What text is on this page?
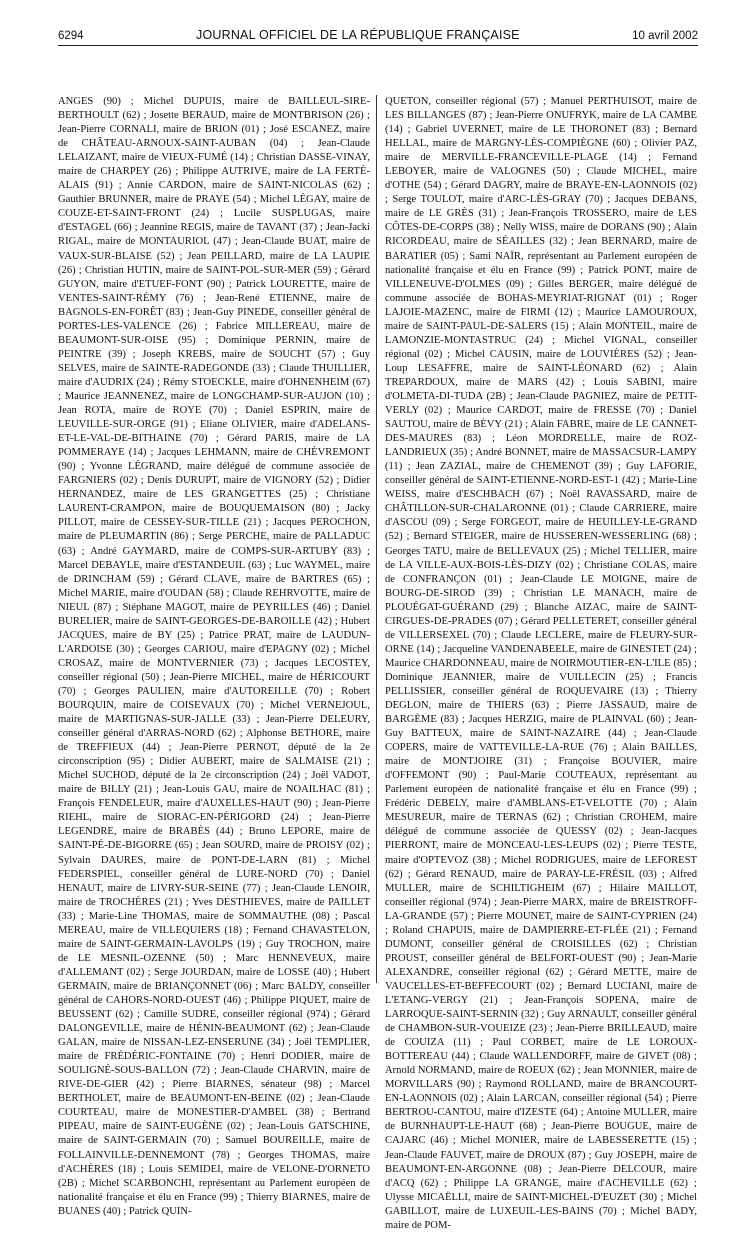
6294	JOURNAL OFFICIEL DE LA RÉPUBLIQUE FRANÇAISE	10 avril 2002

ANGES (90) ; Michel DUPUIS, maire de BAILLEUL-SIRE-BERTHOULT (62) ; Josette BERAUD, maire de MONTBRISON (26) ; Jean-Pierre CORNALI, maire de BRION (01) ; José ESCANEZ, maire de CHÂTEAU-ARNOUX-SAINT-AUBAN (04) ; Jean-Claude LELAIZANT, maire de VIEUX-FUMÉ (14) ; Christian DASSE-VINAY, maire de CHARPEY (26) ; Philippe AUTRIVE, maire de LA FERTÉ-ALAIS (91) ; Annie CARDON, maire de SAINT-NICOLAS (62) ; Gauthier BRUNNER, maire de PRAYE (54) ; Michel LÉGAY, maire de COUZE-ET-SAINT-FRONT (24) ; Lucile SUSPLUGAS, maire d'ESTAGEL (66) ; Jeannine REGIS, maire de TAVANT (37) ; Jean-Jacki RIGAL, maire de MONTAURIOL (47) ; Jean-Claude BUAT, maire de VAUX-SUR-BLAISE (52) ; Jean PEILLARD, maire de LA LAUPIE (26) ; Christian HUTIN, maire de SAINT-POL-SUR-MER (59) ; Gérard GUYON, maire d'ETUEF-FONT (90) ; Patrick LOURETTE, maire de VENTES-SAINT-RÉMY (76) ; Jean-René ETIENNE, maire de BAGNOLS-EN-FORÊT (83) ; Jean-Guy PINEDE, conseiller général de PORTES-LES-VALENCE (26) ; Fabrice MILLEREAU, maire de BEAUMONT-SUR-OISE (95) ; Dominique PERNIN, maire de PEINTRE (39) ; Joseph KREBS, maire de SOUCHT (57) ; Guy SELVES, maire de SAINTE-RADEGONDE (33) ; Claude THUILLIER, maire d'AUDRIX (24) ; Rémy STOECKLE, maire d'OHNENHEIM (67) ; Maurice JEANNENEZ, maire de LONGCHAMP-SUR-AUJON (10) ; Jean ROTA, maire de ROYE (70) ; Daniel ESPRIN, maire de LEUVILLE-SUR-ORGE (91) ; Eliane OLIVIER, maire d'ADELANS-ET-LE-VAL-DE-BITHAINE (70) ; Gérard PARIS, maire de LA POMMERAYE (14) ; Jacques LEHMANN, maire de CHÈVREMONT (90) ; Yvonne LÉGRAND, maire délégué de commune associée de FARGNIERS (02) ; Denis DURUPT, maire de VIGNORY (52) ; Didier HERNANDEZ, maire de LES GRANGETTES (25) ; Christiane LAURENT-CRAMPON, maire de BOUQUEMAISON (80) ; Jacky PILLOT, maire de CESSEY-SUR-TILLE (21) ; Jacques PEROCHON, maire de PLEUMARTIN (86) ; Serge PERCHE, maire de PALLADUC (63) ; André GAYMARD, maire de COMPS-SUR-ARTUBY (83) ; Marcel DEBAYLE, maire d'ESTANDEUIL (63) ; Luc WAYMEL, maire de DRINCHAM (59) ; Gérard CLAVE, maire de BARTRES (65) ; Michel MARIE, maire d'OUDAN (58) ; Claude REHRVOTTE, maire de NIEUL (87) ; Stéphane MAGOT, maire de PEYRILLES (46) ; Daniel BURELIER, maire de SAINT-GEORGES-DE-BAROILLE (42) ; Hubert JACQUES, maire de BY (25) ; Patrice PRAT, maire de LAUDUN-L'ARDOISE (30) ; Georges CARIOU, maire d'EPAGNY (02) ; Michel CROSAZ, maire de MONTVERNIER (73) ; Jacques LECOSTEY, conseiller régional (50) ; Jean-Pierre MICHEL, maire de HÉRICOURT (70) ; Georges PAULIEN, maire d'AUTOREILLE (70) ; Robert BOURQUIN, maire de COISEVAUX (70) ; Michel VERNEJOUL, maire de MARTIGNAS-SUR-JALLE (33) ; Jean-Pierre DELEURY, conseiller général d'ARRAS-NORD (62) ; Alphonse BETHORE, maire de TREFFIEUX (44) ; Jean-Pierre PERNOT, député de la 2e circonscription (95) ; Didier AUBERT, maire de SALMAISE (21) ; Michel SUCHOD, député de la 2e circonscription (24) ; Joël VADOT, maire de BILLY (21) ; Jean-Louis GAU, maire de NOAILHAC (81) ; François FENDELEUR, maire d'AUXELLES-HAUT (90) ; Jean-Pierre RIEHL, maire de SIORAC-EN-PÉRIGORD (24) ; Jean-Pierre LEGENDRE, maire de BRABÈS (44) ; Bruno LEPORE, maire de SAINT-PÉ-DE-BIGORRE (65) ; Jean SOURD, maire de PROISY (02) ; Sylvain DAURES, maire de PONT-DE-LARN (81) ; Michel FEDERSPIEL, conseiller général de LURE-NORD (70) ; Daniel HENAUT, maire de LIVRY-SUR-SEINE (77) ; Jean-Claude LENOIR, maire de TROCHÈRES (21) ; Yves DESTHIEVES, maire de PAILLET (33) ; Marie-Line THOMAS, maire de SOMMAUTHE (08) ; Pascal MEREAU, maire de VILLEQUIERS (18) ; Fernand CHAVASTELON, maire de SAINT-GERMAIN-LAVOLPS (19) ; Guy TROCHON, maire de LE MESNIL-OZENNE (50) ; Marc HENNEVEUX, maire d'ALLEMANT (02) ; Serge JOURDAN, maire de LOSSE (40) ; Hubert GERMAIN, maire de BRIANÇONNET (06) ; Marc BALDY, conseiller général de CAHORS-NORD-OUEST (46) ; Philippe PIQUET, maire de BEUSSENT (62) ; Camille SUDRE, conseiller régional (974) ; Gérard DALONGEVILLE, maire de HÉNIN-BEAUMONT (62) ; Jean-Claude GALAN, maire de NISSAN-LEZ-ENSERUNE (34) ; Joël TEMPLIER, maire de FRÉDÉRIC-FONTAINE (70) ; Henri DODIER, maire de SOULIGNÉ-SOUS-BALLON (72) ; Jean-Claude CHARVIN, maire de RIVE-DE-GIER (42) ; Pierre BIARNES, sénateur (98) ; Marcel BERTHOLET, maire de BEAUMONT-EN-BEINE (02) ; Jean-Claude COURTEAU, maire de MONESTIER-D'AMBEL (38) ; Bertrand PIPEAU, maire de SAINT-EUGÈNE (02) ; Jean-Louis GATSCHINE, maire de SAINT-GERMAIN (70) ; Samuel BOUREILLE, maire de FOLLAINVILLE-DENNEMONT (78) ; Georges THOMAS, maire d'ACHÈRES (18) ; Louis SEMIDEI, maire de VELONE-D'ORNETO (2B) ; Michel SCARBONCHI, représentant au Parlement européen de nationalité française et élu en France (99) ; Thierry BIARNES, maire de BUANES (40) ; Patrick QUIN-

QUETON, conseiller régional (57) ; Manuel PERTHUISOT, maire de LES BILLANGES (87) ; Jean-Pierre ONUFRYK, maire de LA CAMBE (14) ; Gabriel UVERNET, maire de LE THORONET (83) ; Bernard HELLAL, maire de MARGNY-LÈS-COMPIÈGNE (60) ; Olivier PAZ, maire de MERVILLE-FRANCEVILLE-PLAGE (14) ; Fernand LEBOYER, maire de VALOGNES (50) ; Claude MICHEL, maire d'OTHE (54) ; Gérard DAGRY, maire de BRAYE-EN-LAONNOIS (02) ; Serge TOULOT, maire d'ARC-LÈS-GRAY (70) ; Jacques DEBANS, maire de LE GRÈS (31) ; Jean-François TROSSERO, maire de LES CÔTES-DE-CORPS (38) ; Nelly WISS, maire de DORANS (90) ; Alain RICORDEAU, maire de SÉAILLES (32) ; Jean BERNARD, maire de BARATIER (05) ; Sami NAÏR, représentant au Parlement européen de nationalité française et élu en France (99) ; Patrick PONT, maire de VILLENEUVE-D'OLMES (09) ; Gilles BERGER, maire délégué de commune associée de BOHAS-MEYRIAT-RIGNAT (01) ; Roger LAJOIE-MAZENC, maire de FIRMI (12) ; Maurice LAMOUROUX, maire de SAINT-PAUL-DE-SALERS (15) ; Alain MONTEIL, maire de LAMONZIE-MONTASTRUC (24) ; Michel VIGNAL, conseiller régional (02) ; Michel CAUSIN, maire de LOUVIÈRES (52) ; Jean-Loup LESAFFRE, maire de SAINT-LÉONARD (62) ; Alain TREPARDOUX, maire de MARS (42) ; Louis SABINI, maire d'OLMETA-DI-TUDA (2B) ; Jean-Claude PAGNIEZ, maire de PETIT-VERLY (02) ; Maurice CARDOT, maire de FRESSE (70) ; Daniel SAUTOU, maire de BÈVY (21) ; Alain FABRE, maire de LE CANNET-DES-MAURES (83) ; Léon MORDRELLE, maire de ROZ-LANDRIEUX (35) ; André BONNET, maire de MASSACSUR-LAMPY (11) ; Jean ZAZIAL, maire de CHEMENOT (39) ; Guy LAFORIE, conseiller général de SAINT-ETIENNE-NORD-EST-1 (42) ; Marie-Line WEISS, maire d'ESCHBACH (67) ; Noël RAVASSARD, maire de CHÂTILLON-SUR-CHALARONNE (01) ; Claude CARRIERE, maire d'ASCOU (09) ; Serge FORGEOT, maire de HEUILLEY-LE-GRAND (52) ; Bernard STEIGER, maire de HUSSEREN-WESSERLING (68) ; Georges TATU, maire de BELLEVAUX (25) ; Michel TELLIER, maire de LA VILLE-AUX-BOIS-LÈS-DIZY (02) ; Christiane COLAS, maire de CONFRANÇON (01) ; Jean-Claude LE MOIGNE, maire de BOURG-DE-SIROD (39) ; Christian LE MANACH, maire de PLOUÉGAT-GUÉRAND (29) ; Blanche AIZAC, maire de SAINT-CIRGUES-DE-PRADES (07) ; Gérard PELLETERET, conseiller général de VILLERSEXEL (70) ; Claude LECLERE, maire de FLEURY-SUR-ORNE (14) ; Jacqueline VANDENABEELE, maire de GINESTET (24) ; Maurice CHARDONNEAU, maire de NOIRMOUTIER-EN-L'ILE (85) ; Dominique JEANNIER, maire de VUILLECIN (25) ; Francis PELLISSIER, conseiller général de ROQUEVAIRE (13) ; Thierry DEGLON, maire de THIERS (63) ; Pierre JASSAUD, maire de BARGÈME (83) ; Jacques HERZIG, maire de PLAINVAL (60) ; Jean-Guy BATTEUX, maire de SAINT-NAZAIRE (44) ; Jean-Claude COPERS, maire de VATTEVILLE-LA-RUE (76) ; Alain BAILLES, maire de MONTJOIRE (31) ; Françoise BOUVIER, maire d'OFFEMONT (90) ; Paul-Marie COUTEAUX, représentant au Parlement européen de nationalité française et élu en France (99) ; Frédéric DEBELY, maire d'AMBLANS-ET-VELOTTE (70) ; Alain MESUREUR, maire de TERNAS (62) ; Christian CROHEM, maire délégué de commune associée de QUESSY (02) ; Jean-Jacques PIERRONT, maire de MONCEAU-LES-LEUPS (02) ; Pierre TESTE, maire d'OPTEVOZ (38) ; Michel RODRIGUES, maire de LEFOREST (62) ; Gérard RENAUD, maire de PARAY-LE-FRÉSIL (03) ; Alfred MULLER, maire de SCHILTIGHEIM (67) ; Hilaire MAILLOT, conseiller régional (974) ; Jean-Pierre MARX, maire de BREISTROFF-LA-GRANDE (57) ; Pierre MOUNET, maire de SAINT-CYPRIEN (24) ; Roland CHAPUIS, maire de DAMPIERRE-ET-FLÉE (21) ; Fernand DUMONT, conseiller général de CROISILLES (62) ; Christian PROUST, conseiller général de BELFORT-OUEST (90) ; Jean-Marie ALEXANDRE, conseiller régional (62) ; Gérard METTE, maire de VAUCELLES-ET-BEFFECOURT (02) ; Bernard LUCIANI, maire de L'ETANG-VERGY (21) ; Jean-François SOPENA, maire de LARROQUE-SAINT-SERNIN (32) ; Guy ARNAULT, conseiller général de CHAMBON-SUR-VOUEIZE (23) ; Jean-Pierre BRILLEAUD, maire de COUIZA (11) ; Paul CORBET, maire de LE LOROUX-BOTTEREAU (44) ; Claude WALLENDORFF, maire de GIVET (08) ; Arnold NORMAND, maire de ROEUX (62) ; Jean MONNIER, maire de MORVILLARS (90) ; Raymond ROLLAND, maire de BRANCOURT-EN-LAONNOIS (02) ; Alain LARCAN, conseiller régional (54) ; Pierre BERTROU-CANTOU, maire d'IZESTE (64) ; Antoine MULLER, maire de BURNHAUPT-LE-HAUT (68) ; Jean-Pierre BOUGUE, maire de CAJARC (46) ; Michel MONIER, maire de LABESSERETTE (15) ; Jean-Claude FAUVET, maire de DROUX (87) ; Guy JOSEPH, maire de BEAUMONT-EN-ARGONNE (08) ; Jean-Pierre DELCOUR, maire d'ACQ (62) ; Philippe LA GRANGE, maire d'ACHEVILLE (62) ; Ulysse MICAËLLI, maire de SAINT-MICHEL-D'EUZET (30) ; Michel GABILLOT, maire de LUXEUIL-LES-BAINS (70) ; Michel BADY, maire de POM-
